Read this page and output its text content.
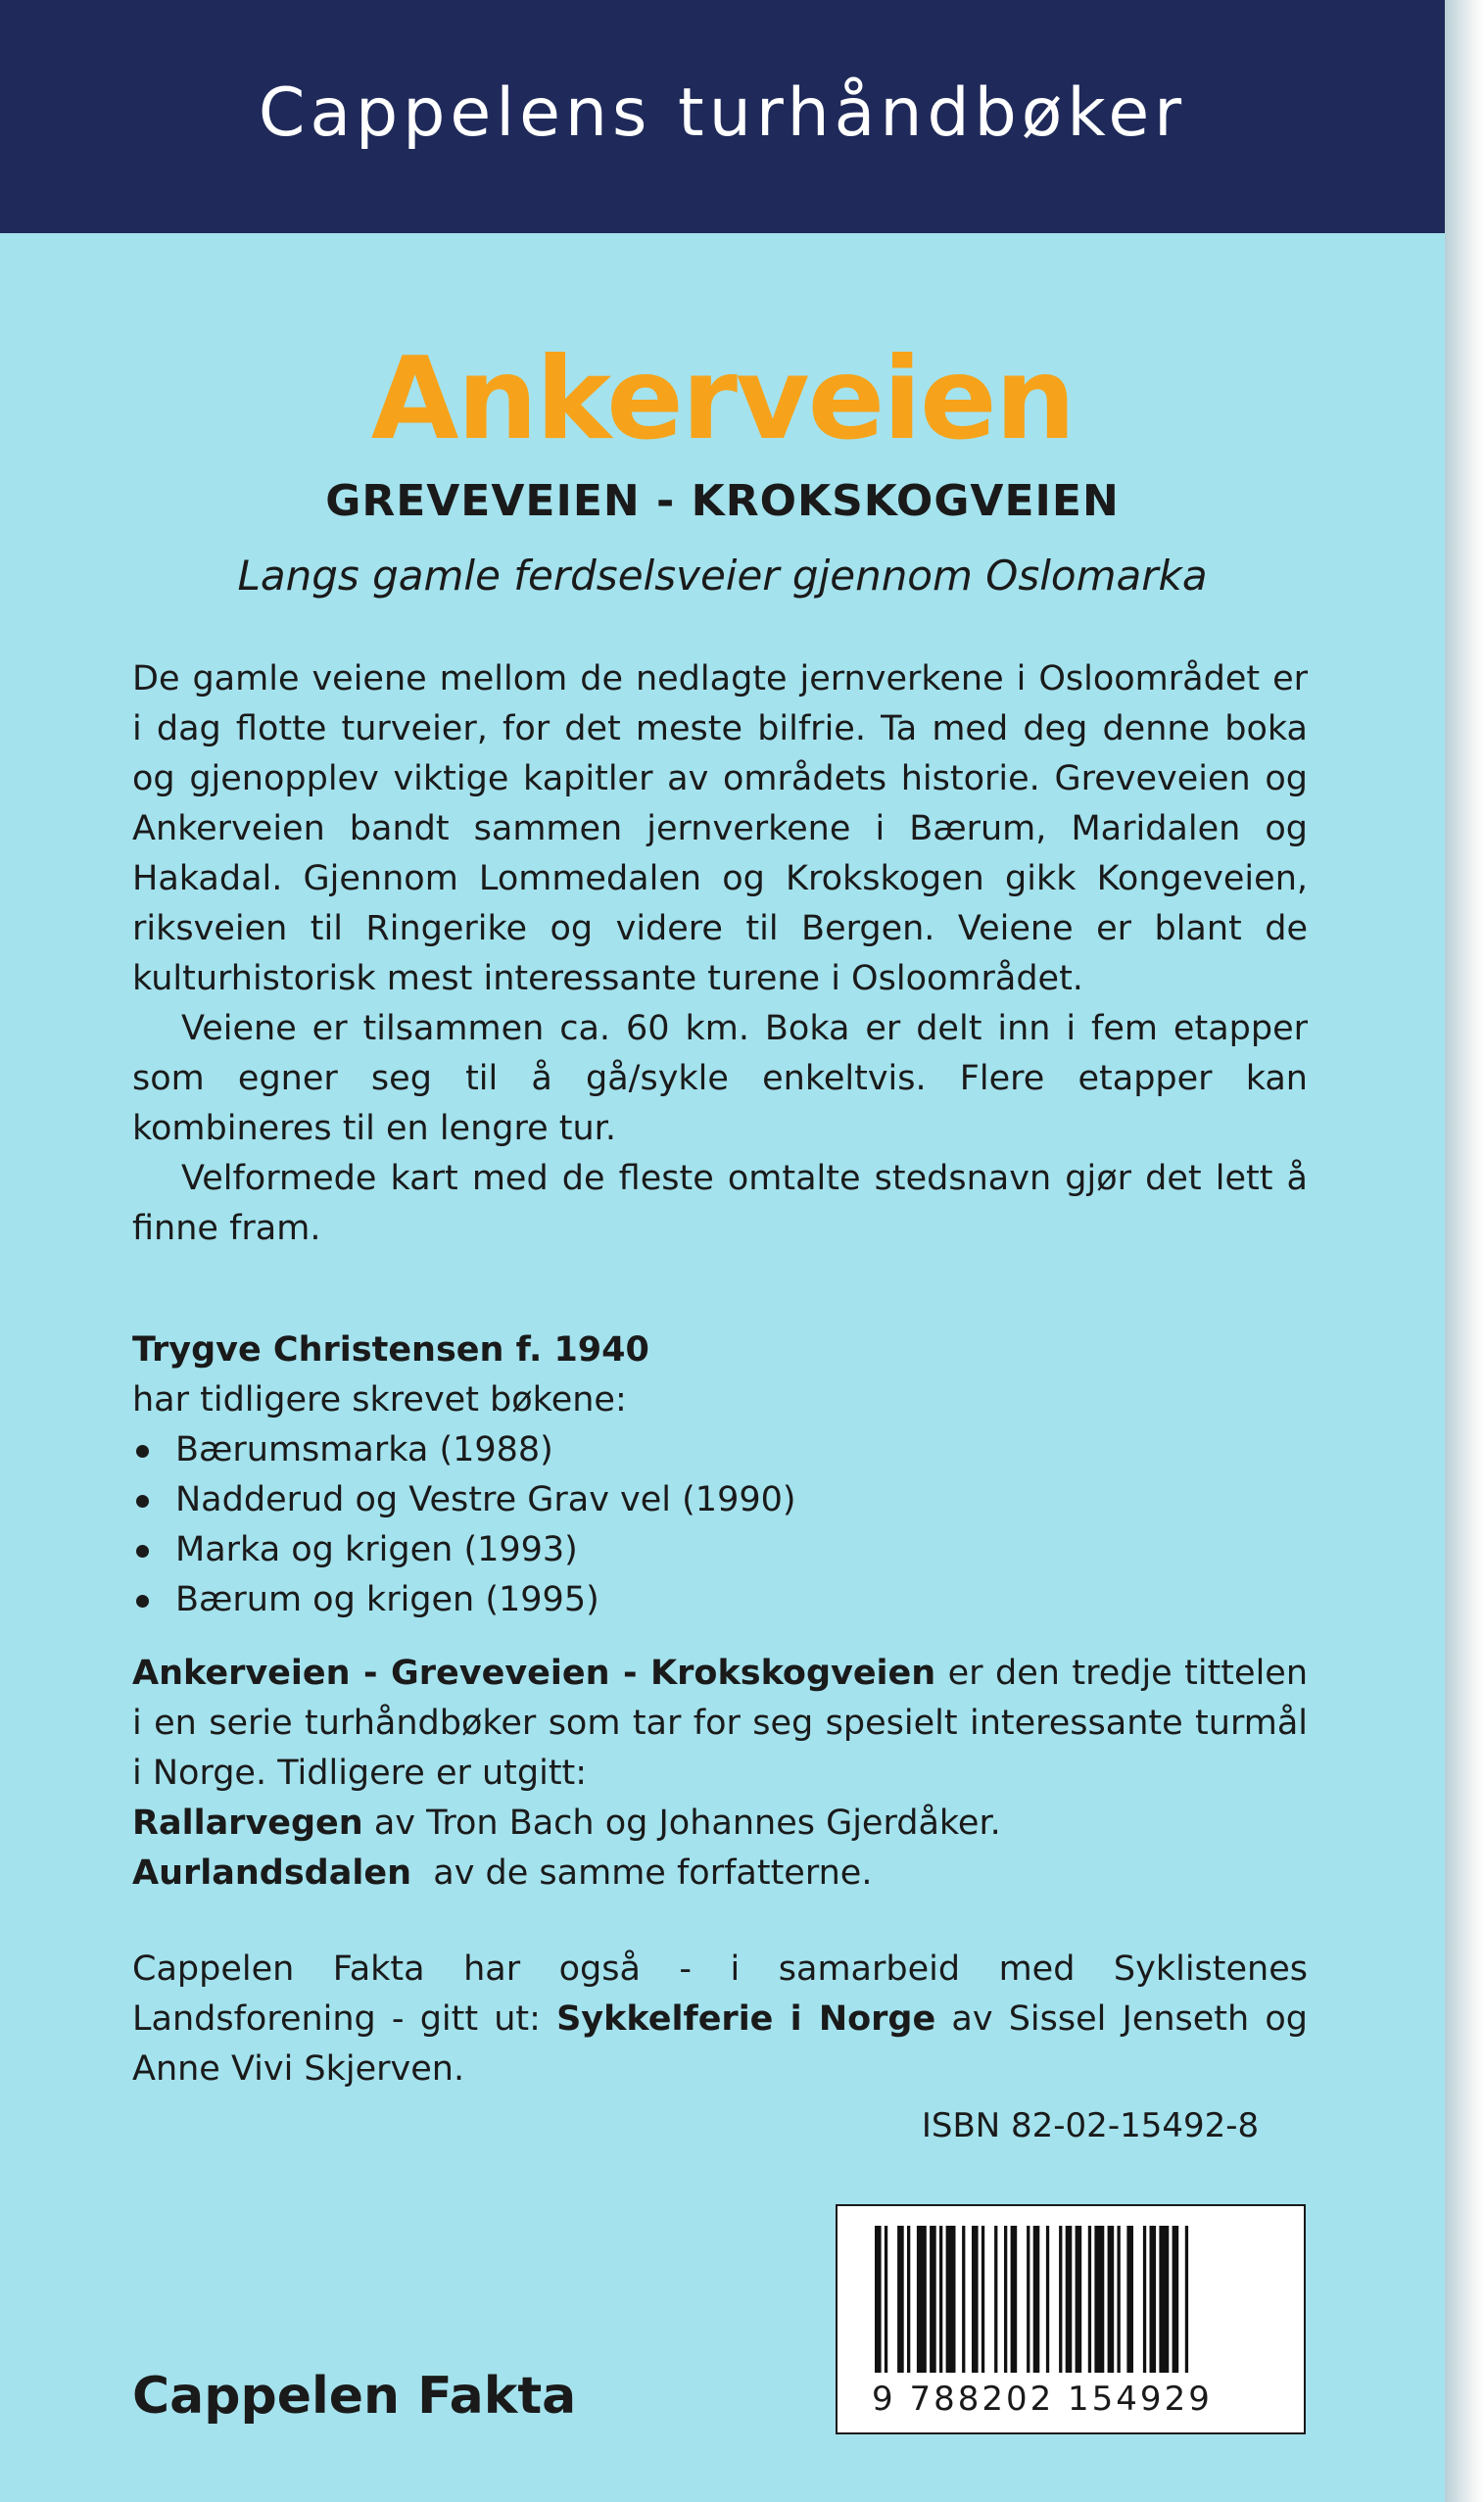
Cappelens turhåndbøker
Ankerveien
GREVEVEIEN - KROKSKOGVEIEN
Langs gamle ferdselsveier gjennom Oslomarka

De gamle veiene mellom de nedlagte jernverkene i Osloområdet er i dag flotte turveier, for det meste bilfrie. Ta med deg denne boka og gjenopplev viktige kapitler av områdets historie. Greveveien og Ankerveien bandt sammen jernverkene i Bærum, Maridalen og Hakadal. Gjennom Lommedalen og Krokskogen gikk Kongeveien, riksveien til Ringerike og videre til Bergen. Veiene er blant de kulturhistorisk mest interessante turene i Osloområdet.

Veiene er tilsammen ca. 60 km. Boka er delt inn i fem etapper som egner seg til å gå/sykle enkeltvis. Flere etapper kan kombineres til en lengre tur.

Velformede kart med de fleste omtalte stedsnavn gjør det lett å finne fram.

Trygve Christensen f. 1940
har tidligere skrevet bøkene:
Bærumsmarka (1988)
Nadderud og Vestre Grav vel (1990)
Marka og krigen (1993)
Bærum og krigen (1995)

Ankerveien - Greveveien - Krokskogveien er den tredje tittelen i en serie turhåndbøker som tar for seg spesielt interessante turmål i Norge. Tidligere er utgitt:

Rallarvegen av Tron Bach og Johannes Gjerdåker.

Aurlandsdalen  av de samme forfatterne.

Cappelen Fakta har også - i samarbeid med Syklistenes Landsforening - gitt ut: Sykkelferie i Norge av Sissel Jenseth og Anne Vivi Skjerven.

ISBN 82-02-15492-8
9 788202 154929
Cappelen Fakta
